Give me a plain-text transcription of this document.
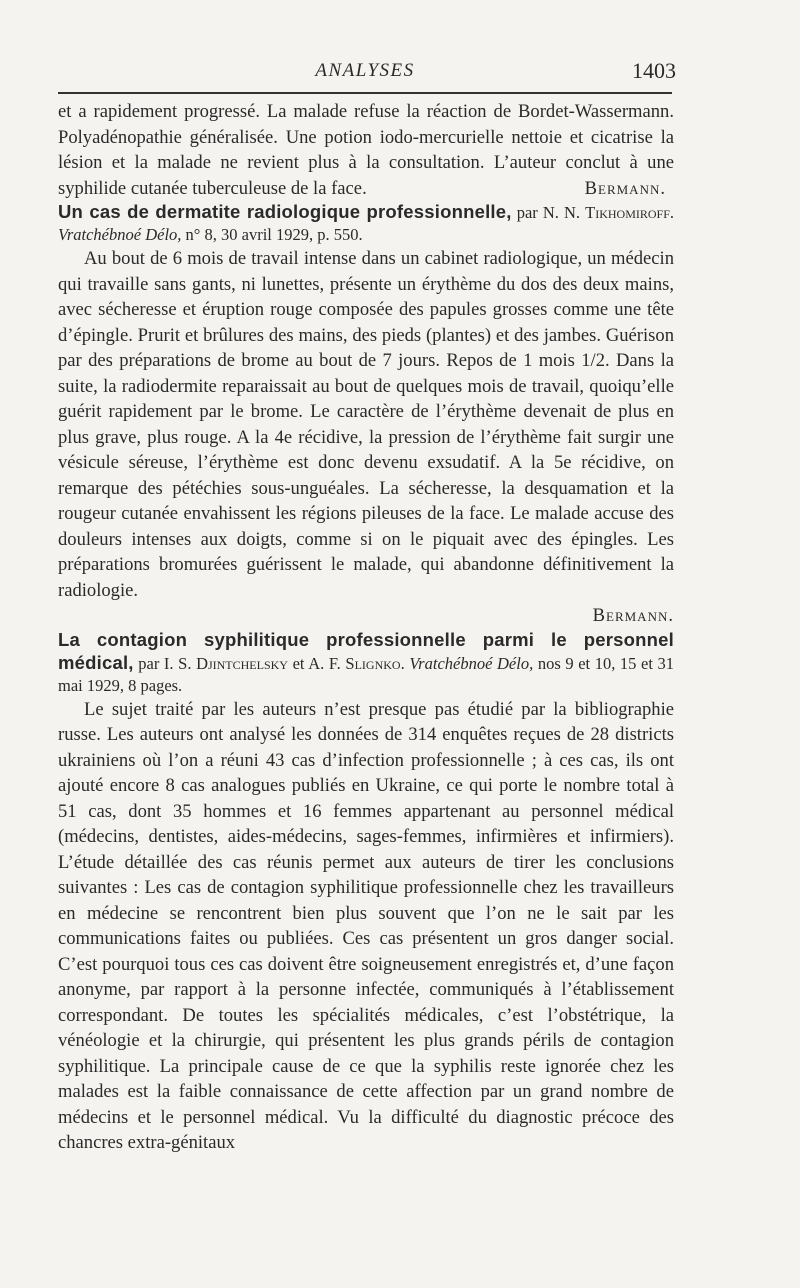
ANALYSES	1403

et a rapidement progressé. La malade refuse la réaction de Bordet-Wassermann. Polyadénopathie généralisée. Une potion iodo-mercurielle nettoie et cicatrise la lésion et la malade ne revient plus à la consultation. L’auteur conclut à une syphilide cutanée tuberculeuse de la face.	Bermann.

Un cas de dermatite radiologique professionnelle, par N. N. Tikhomiroff. Vratchébnoé Délo, n° 8, 30 avril 1929, p. 550.

Au bout de 6 mois de travail intense dans un cabinet radiologique, un médecin qui travaille sans gants, ni lunettes, présente un érythème du dos des deux mains, avec sécheresse et éruption rouge composée des papules grosses comme une tête d’épingle. Prurit et brûlures des mains, des pieds (plantes) et des jambes. Guérison par des préparations de brome au bout de 7 jours. Repos de 1 mois 1/2. Dans la suite, la radiodermite reparaissait au bout de quelques mois de travail, quoiqu’elle guérit rapidement par le brome. Le caractère de l’érythème devenait de plus en plus grave, plus rouge. A la 4e récidive, la pression de l’érythème fait surgir une vésicule séreuse, l’érythème est donc devenu exsudatif. A la 5e récidive, on remarque des pétéchies sous-unguéales. La sécheresse, la desquamation et la rougeur cutanée envahissent les régions pileuses de la face. Le malade accuse des douleurs intenses aux doigts, comme si on le piquait avec des épingles. Les préparations bromurées guérissent le malade, qui abandonne définitivement la radiologie.

Bermann.

La contagion syphilitique professionnelle parmi le personnel médical, par I. S. Djintchelsky et A. F. Slignko. Vratchébnoé Délo, nos 9 et 10, 15 et 31 mai 1929, 8 pages.

Le sujet traité par les auteurs n’est presque pas étudié par la bibliographie russe. Les auteurs ont analysé les données de 314 enquêtes reçues de 28 districts ukrainiens où l’on a réuni 43 cas d’infection professionnelle ; à ces cas, ils ont ajouté encore 8 cas analogues publiés en Ukraine, ce qui porte le nombre total à 51 cas, dont 35 hommes et 16 femmes appartenant au personnel médical (médecins, dentistes, aides-médecins, sages-femmes, infirmières et infirmiers). L’étude détaillée des cas réunis permet aux auteurs de tirer les conclusions suivantes : Les cas de contagion syphilitique professionnelle chez les travailleurs en médecine se rencontrent bien plus souvent que l’on ne le sait par les communications faites ou publiées. Ces cas présentent un gros danger social. C’est pourquoi tous ces cas doivent être soigneusement enregistrés et, d’une façon anonyme, par rapport à la personne infectée, communiqués à l’établissement correspondant. De toutes les spécialités médicales, c’est l’obstétrique, la vénéologie et la chirurgie, qui présentent les plus grands périls de contagion syphilitique. La principale cause de ce que la syphilis reste ignorée chez les malades est la faible connaissance de cette affection par un grand nombre de médecins et le personnel médical. Vu la difficulté du diagnostic précoce des chancres extra-génitaux
